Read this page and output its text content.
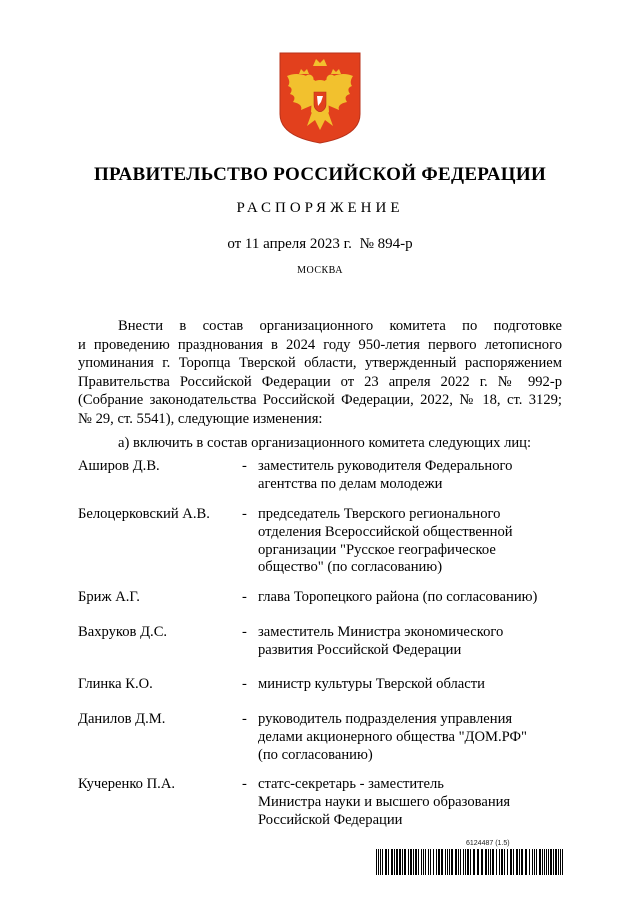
ПРАВИТЕЛЬСТВО РОССИЙСКОЙ ФЕДЕРАЦИИ
РАСПОРЯЖЕНИЕ
от 11 апреля 2023 г. № 894-р
МОСКВА
Внести в состав организационного комитета по подготовке
и проведению празднования в 2024 году 950-летия первого летописного
упоминания г. Торопца Тверской области, утвержденный распоряжением
Правительства Российской Федерации от 23 апреля 2022 г. № 992-р
(Собрание законодательства Российской Федерации, 2022, № 18, ст. 3129;
№ 29, ст. 5541), следующие изменения:
а) включить в состав организационного комитета следующих лиц:
Аширов Д.В.	- заместитель руководителя Федерального
агентства по делам молодежи
Белоцерковский А.В. - председатель Тверского регионального
отделения Всероссийской общественной
организации "Русское географическое
общество" (по согласованию)
Бриж А.Г.	- глава Торопецкого района (по согласованию)
Вахруков Д.С.	- заместитель Министра экономического
развития Российской Федерации
Глинка К.О.	- министр культуры Тверской области
Данилов Д.М.	- руководитель подразделения управления
делами акционерного общества "ДОМ.РФ"
(по согласованию)
Кучеренко П.А.	- статс-секретарь - заместитель
Министра науки и высшего образования
Российской Федерации
6124487 (1.5)
